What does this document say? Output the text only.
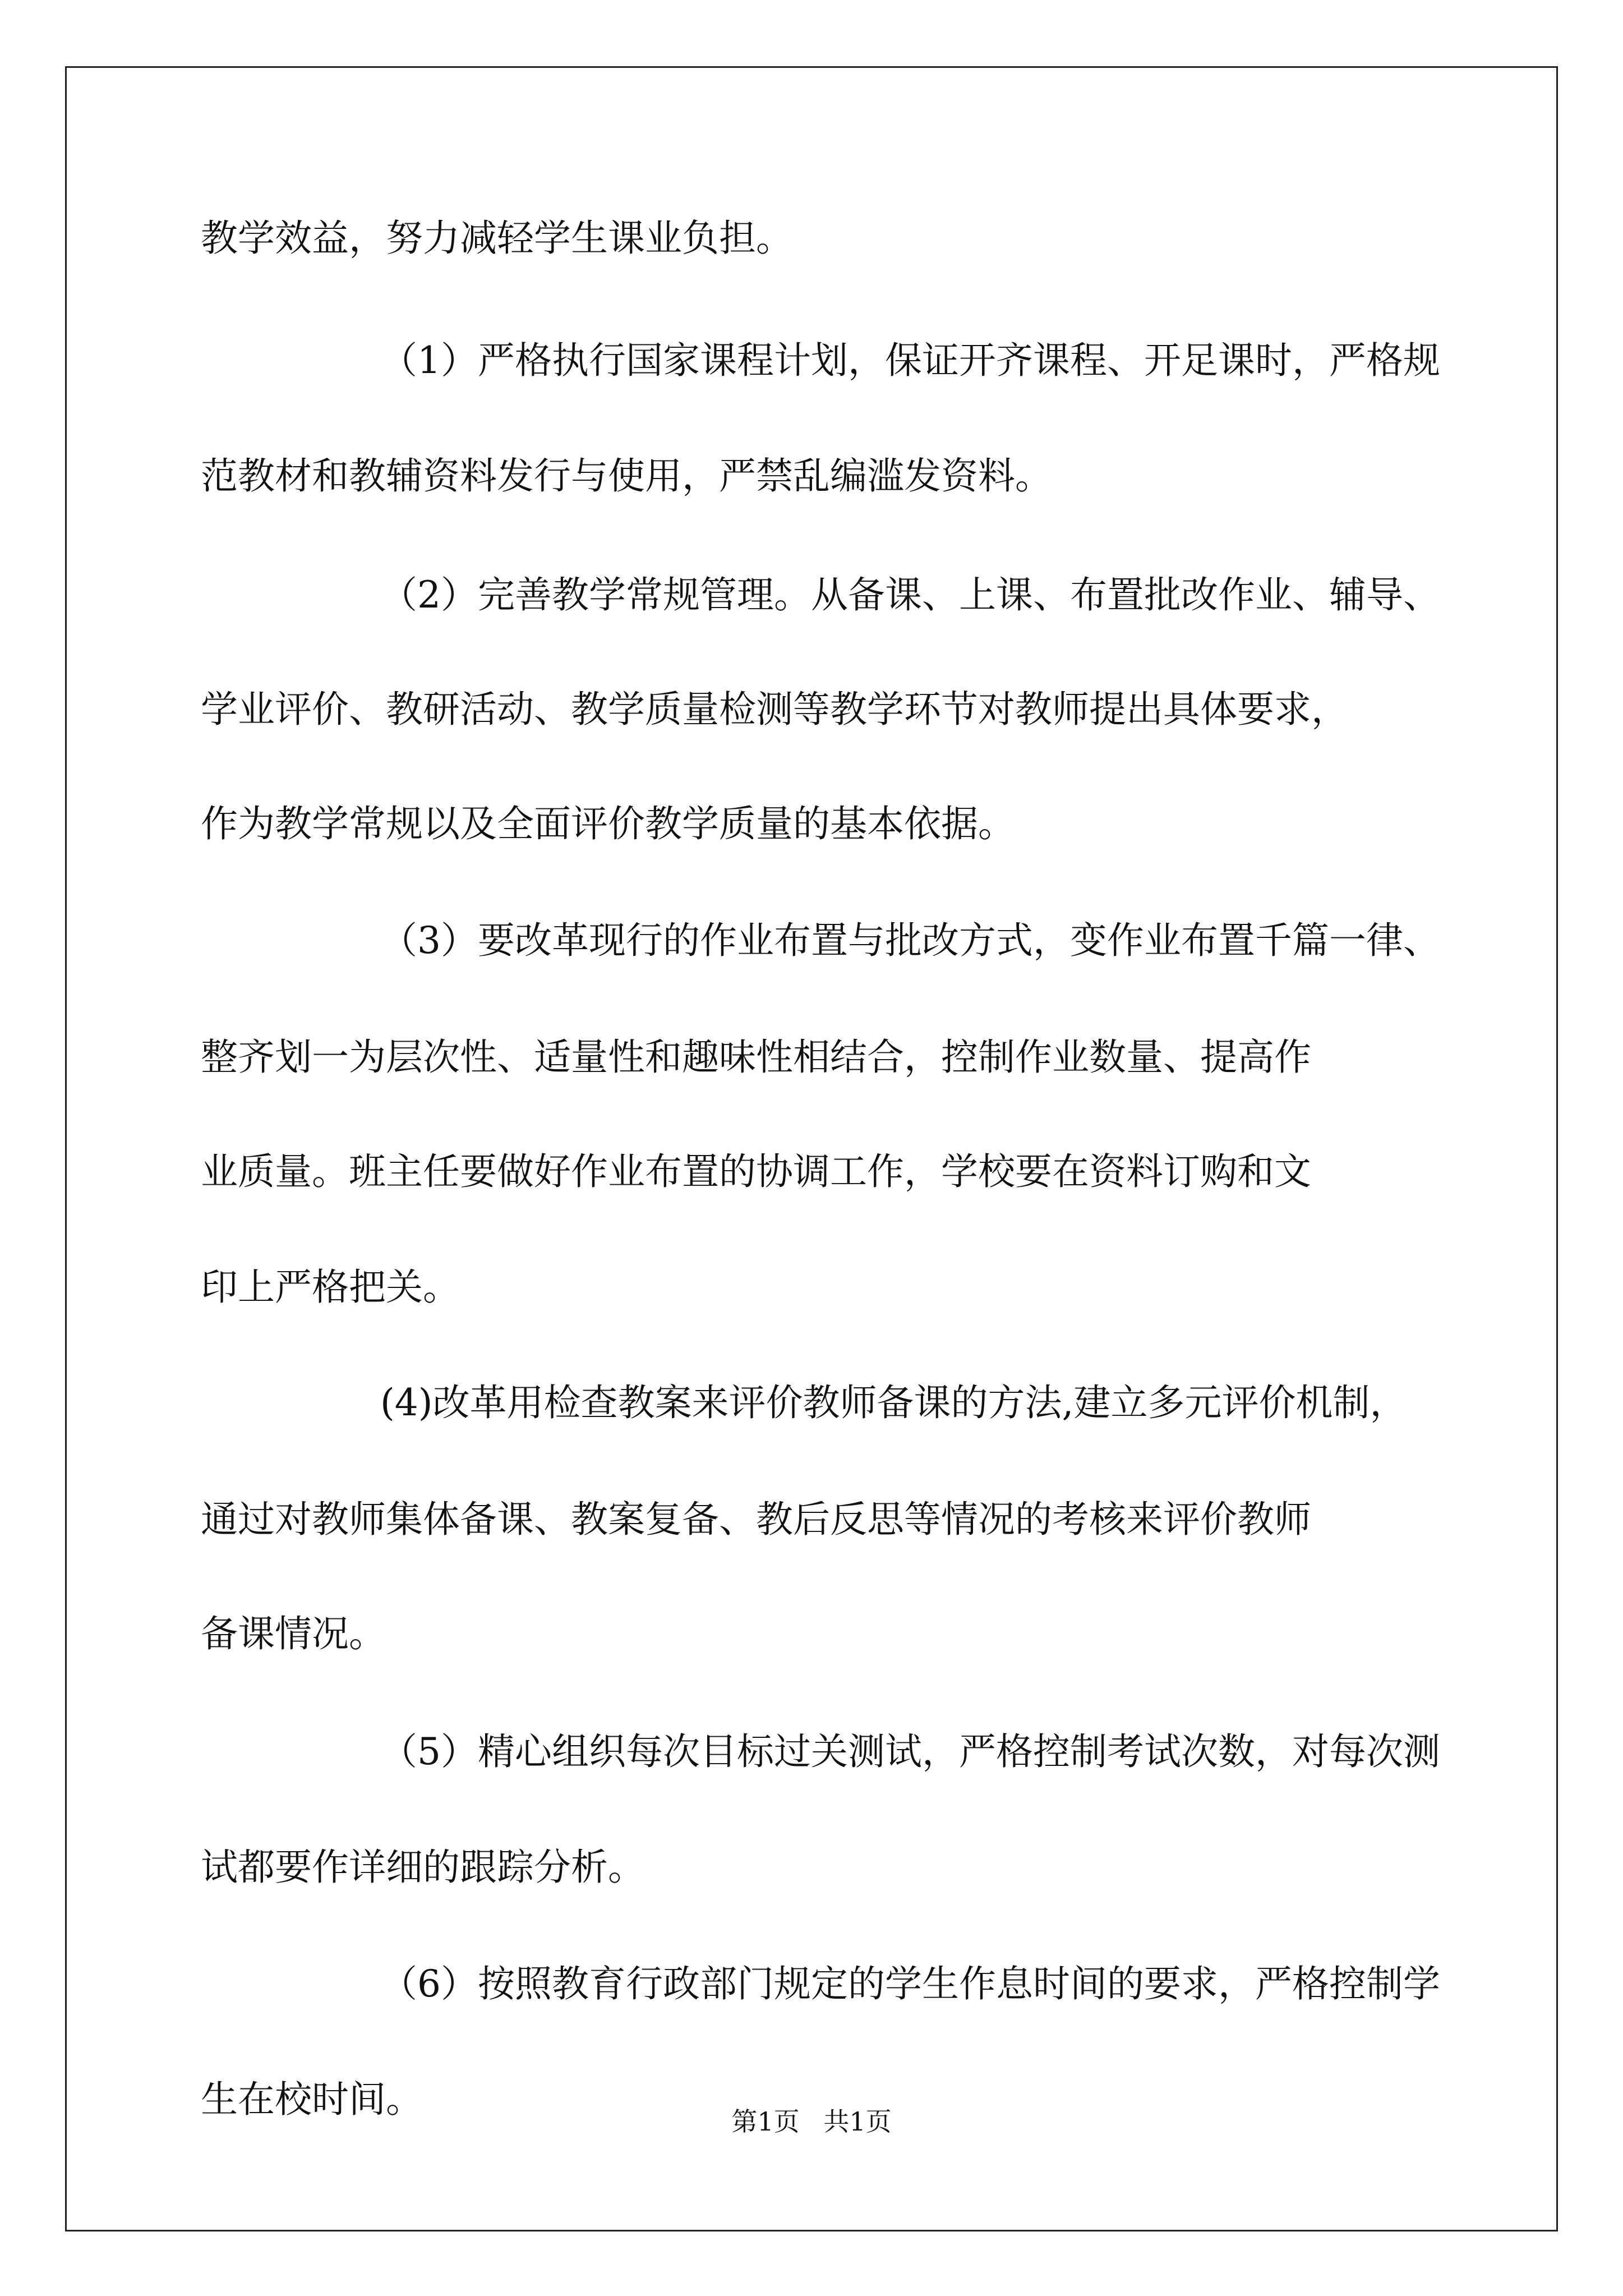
教学效益，努力减轻学生课业负担。
（1）严格执行国家课程计划，保证开齐课程、开足课时，严格规
范教材和教辅资料发行与使用，严禁乱编滥发资料。
（2）完善教学常规管理。从备课、上课、布置批改作业、辅导、
学业评价、教研活动、教学质量检测等教学环节对教师提出具体要求，
作为教学常规以及全面评价教学质量的基本依据。
（3）要改革现行的作业布置与批改方式，变作业布置千篇一律、
整齐划一为层次性、适量性和趣味性相结合，控制作业数量、提高作
业质量。班主任要做好作业布置的协调工作，学校要在资料订购和文
印上严格把关。
(4)改革用检查教案来评价教师备课的方法,建立多元评价机制，
通过对教师集体备课、教案复备、教后反思等情况的考核来评价教师
备课情况。
（5）精心组织每次目标过关测试，严格控制考试次数，对每次测
试都要作详细的跟踪分析。
（6）按照教育行政部门规定的学生作息时间的要求，严格控制学
生在校时间。
第1页 共1页
